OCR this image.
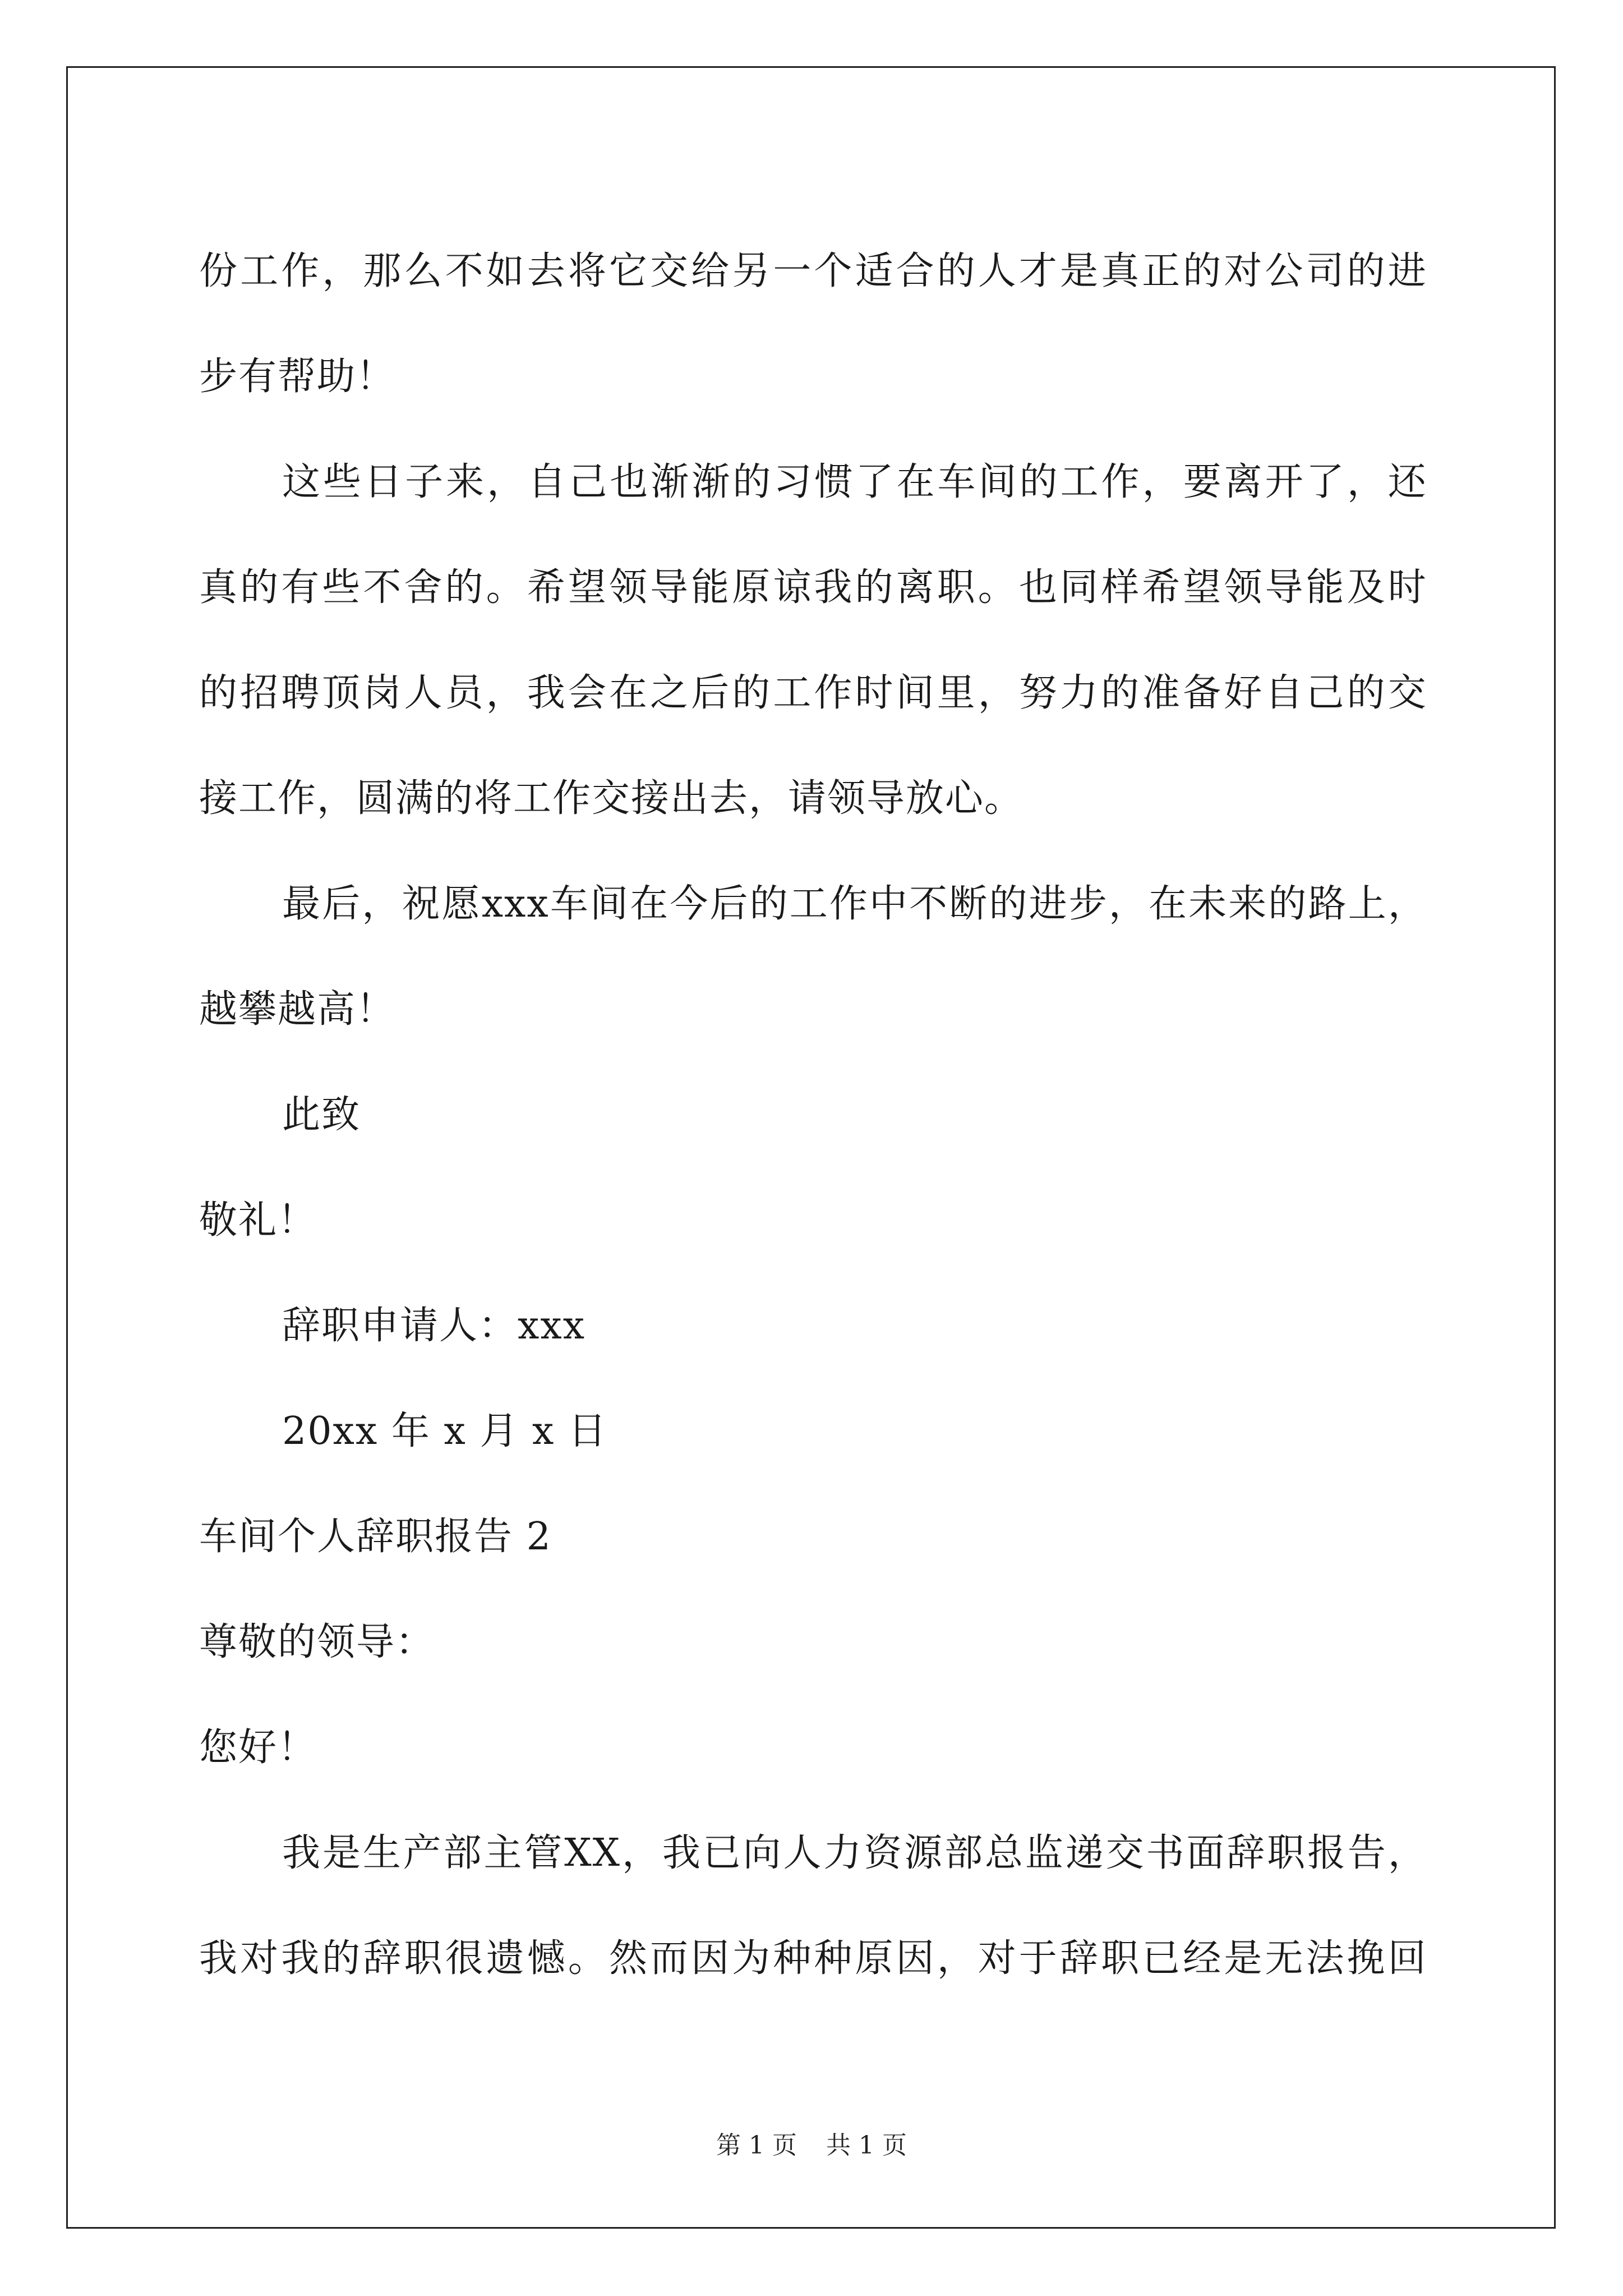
份 工 作 ， 那 么 不 如 去 将 它 交 给 另 一 个 适 合 的 人 才 是 真 正 的 对 公 司 的 进
步有帮助！
这 些 日 子 来 ， 自 己 也 渐 渐 的 习 惯 了 在 车 间 的 工 作 ， 要 离 开 了 ， 还
真 的 有 些 不 舍 的 。 希 望 领 导 能 原 谅 我 的 离 职 。 也 同 样 希 望 领 导 能 及 时
的 招 聘 顶 岗 人 员 ， 我 会 在 之 后 的 工 作 时 间 里 ， 努 力 的 准 备 好 自 己 的 交
接工作，圆满的将工作交接出去，请领导放心。
最 后 ， 祝 愿 xxx 车 间 在 今 后 的 工 作 中 不 断 的 进 步 ， 在 未 来 的 路 上 ，
越攀越高！
此致
敬礼！
辞职申请人：xxx
20xx 年 x 月 x 日
车间个人辞职报告 2
尊敬的领导：
您好！
我 是 生 产 部 主 管 XX ， 我 已 向 人 力 资 源 部 总 监 递 交 书 面 辞 职 报 告 ，
我 对 我 的 辞 职 很 遗 憾 。 然 而 因 为 种 种 原 因 ， 对 于 辞 职 已 经 是 无 法 挽 回
第 1 页 共 1 页
